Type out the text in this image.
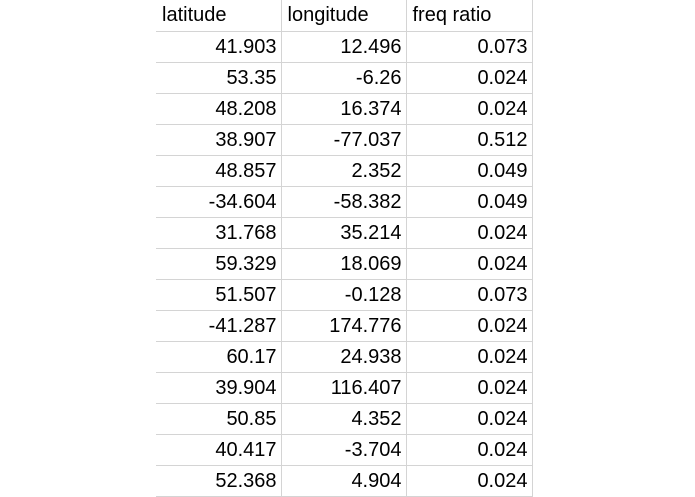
latitude	longitude	freq ratio
41.903	12.496	0.073
53.35	-6.26	0.024
48.208	16.374	0.024
38.907	-77.037	0.512
48.857	2.352	0.049
-34.604	-58.382	0.049
31.768	35.214	0.024
59.329	18.069	0.024
51.507	-0.128	0.073
-41.287	174.776	0.024
60.17	24.938	0.024
39.904	116.407	0.024
50.85	4.352	0.024
40.417	-3.704	0.024
52.368	4.904	0.024
